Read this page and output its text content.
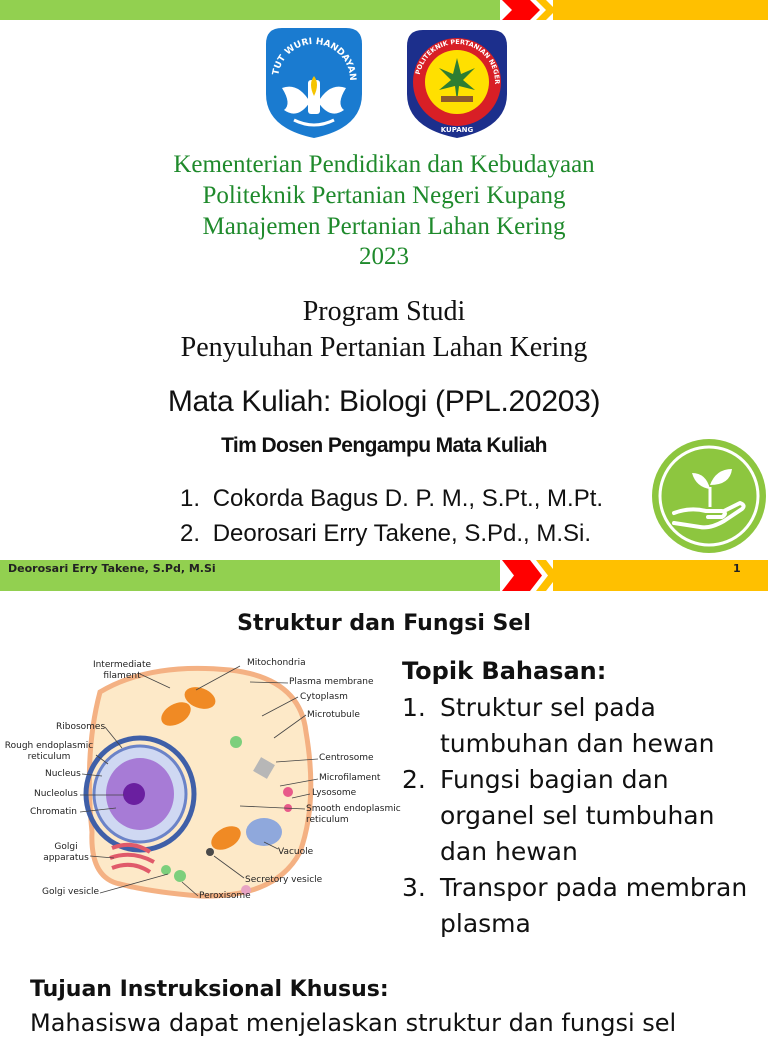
TUT WURI HANDAYAN
POLITEKNIK PERTANIAN NEGER
KUPANG
Kementerian Pendidikan dan Kebudayaan
Politeknik Pertanian Negeri Kupang
Manajemen Pertanian Lahan Kering
2023
Program Studi
Penyuluhan Pertanian Lahan Kering
Mata Kuliah: Biologi (PPL.20203)
Tim Dosen Pengampu Mata Kuliah
1. Cokorda Bagus D. P. M., S.Pt., M.Pt.
2. Deorosari Erry Takene, S.Pd., M.Si.
Deorosari Erry Takene, S.Pd, M.Si	1
Struktur dan Fungsi Sel
Intermediate filament
Mitochondria
Plasma membrane
Cytoplasm
Microtubule
Ribosomes
Rough endoplasmic reticulum
Nucleus
Nucleolus
Chromatin
Centrosome
Microfilament
Lysosome
Smooth endoplasmic reticulum
Golgi apparatus
Vacuole
Secretory vesicle
Golgi vesicle	Peroxisome
Topik Bahasan:
1. Struktur sel pada
tumbuhan dan hewan
2. Fungsi bagian dan
organel sel tumbuhan
dan hewan
3. Transpor pada membran
plasma
Tujuan Instruksional Khusus:
Mahasiswa dapat menjelaskan struktur dan fungsi sel
